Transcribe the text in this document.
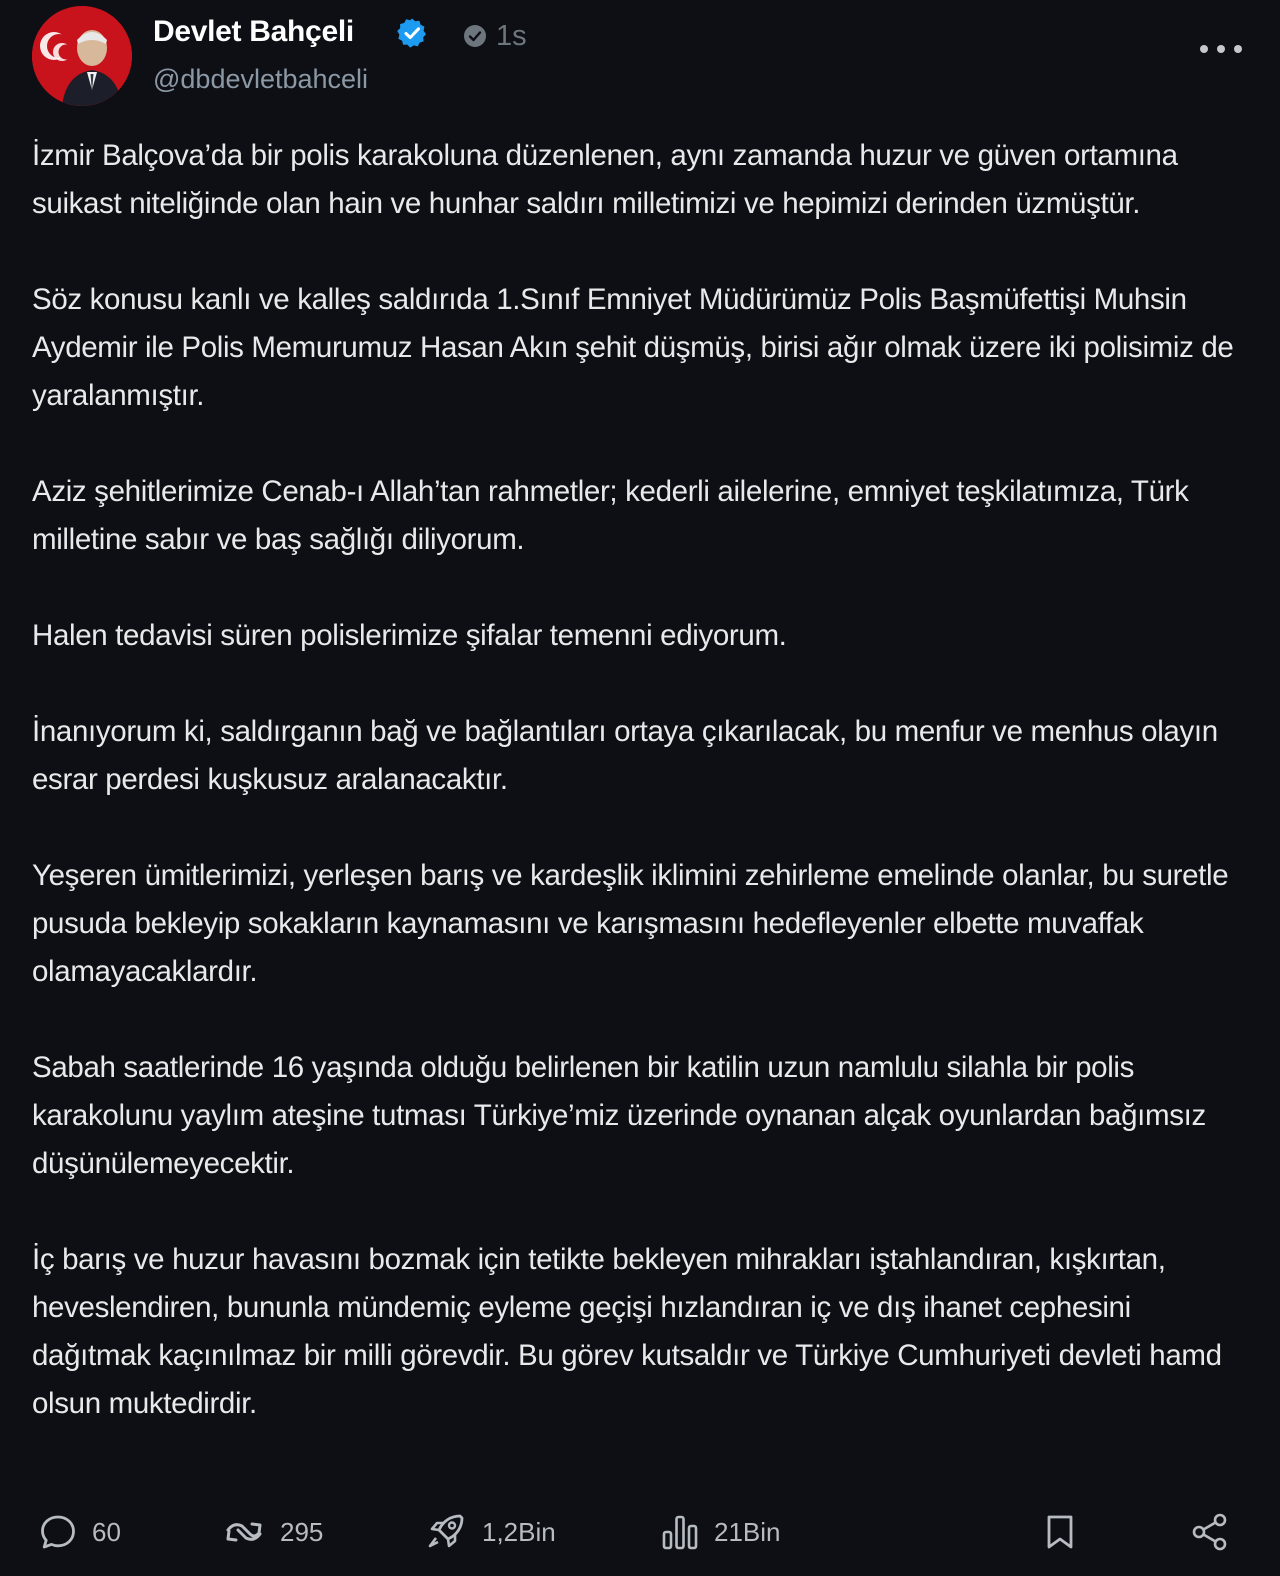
Devlet Bahçeli	1s
@dbdevletbahceli

İzmir Balçova’da bir polis karakoluna düzenlenen, aynı zamanda huzur ve güven ortamına suikast niteliğinde olan hain ve hunhar saldırı milletimizi ve hepimizi derinden üzmüştür.

Söz konusu kanlı ve kalleş saldırıda 1.Sınıf Emniyet Müdürümüz Polis Başmüfettişi Muhsin Aydemir ile Polis Memurumuz Hasan Akın şehit düşmüş, birisi ağır olmak üzere iki polisimiz de yaralanmıştır.

Aziz şehitlerimize Cenab-ı Allah’tan rahmetler; kederli ailelerine, emniyet teşkilatımıza, Türk milletine sabır ve baş sağlığı diliyorum.

Halen tedavisi süren polislerimize şifalar temenni ediyorum.

İnanıyorum ki, saldırganın bağ ve bağlantıları ortaya çıkarılacak, bu menfur ve menhus olayın esrar perdesi kuşkusuz aralanacaktır.

Yeşeren ümitlerimizi, yerleşen barış ve kardeşlik iklimini zehirleme emelinde olanlar, bu suretle pusuda bekleyip sokakların kaynamasını ve karışmasını hedefleyenler elbette muvaffak olamayacaklardır.

Sabah saatlerinde 16 yaşında olduğu belirlenen bir katilin uzun namlulu silahla bir polis karakolunu yaylım ateşine tutması Türkiye’miz üzerinde oynanan alçak oyunlardan bağımsız düşünülemeyecektir.

İç barış ve huzur havasını bozmak için tetikte bekleyen mihrakları iştahlandıran, kışkırtan, heveslendiren, bununla mündemiç eyleme geçişi hızlandıran iç ve dış ihanet cephesini dağıtmak kaçınılmaz bir milli görevdir. Bu görev kutsaldır ve Türkiye Cumhuriyeti devleti hamd olsun muktedirdir.

60	295	1,2Bin	21Bin
